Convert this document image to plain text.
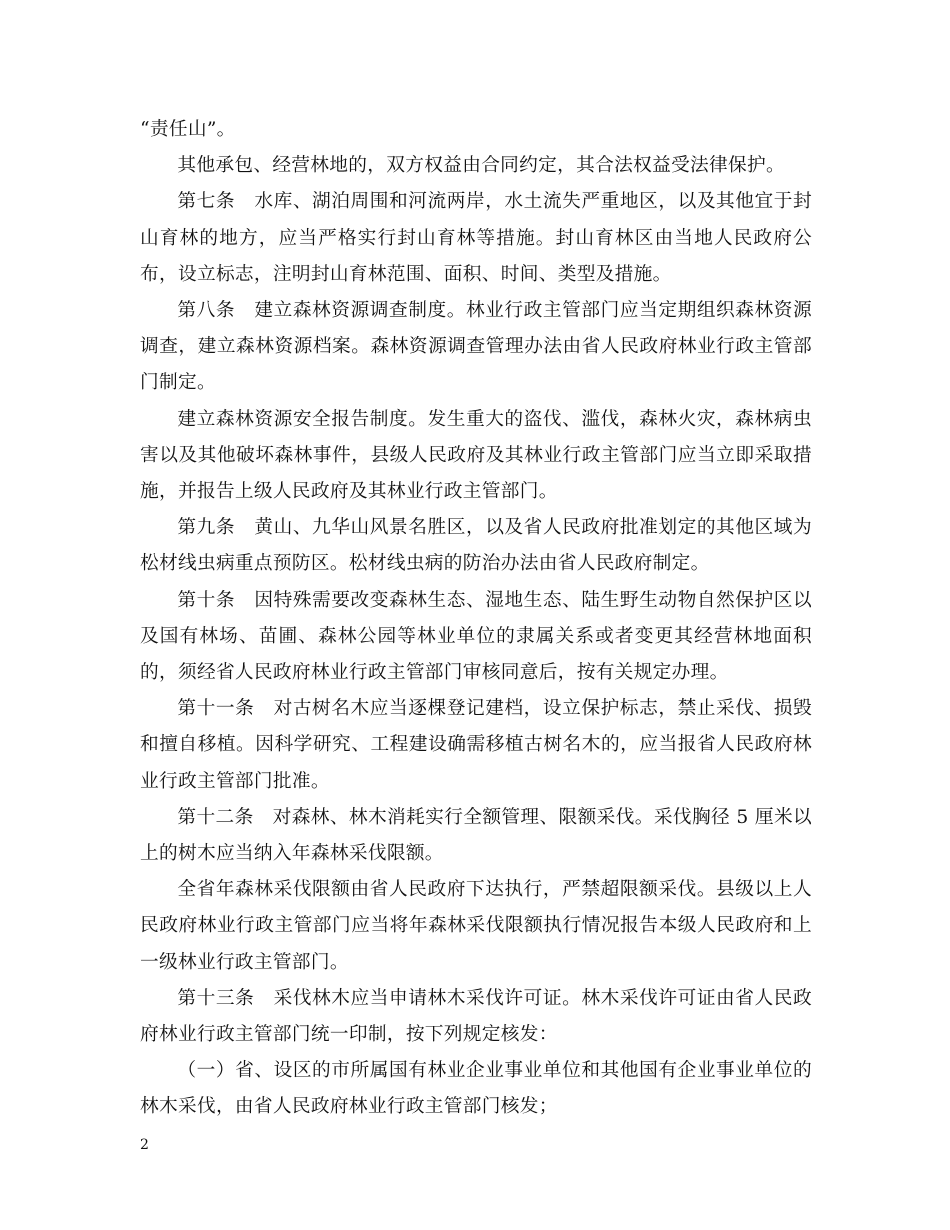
“责任山”。

其他承包、经营林地的，双方权益由合同约定，其合法权益受法律保护。

第七条　水库、湖泊周围和河流两岸，水土流失严重地区，以及其他宜于封山育林的地方，应当严格实行封山育林等措施。封山育林区由当地人民政府公布，设立标志，注明封山育林范围、面积、时间、类型及措施。

第八条　建立森林资源调查制度。林业行政主管部门应当定期组织森林资源调查，建立森林资源档案。森林资源调查管理办法由省人民政府林业行政主管部门制定。

建立森林资源安全报告制度。发生重大的盗伐、滥伐，森林火灾，森林病虫害以及其他破坏森林事件，县级人民政府及其林业行政主管部门应当立即采取措施，并报告上级人民政府及其林业行政主管部门。

第九条　黄山、九华山风景名胜区，以及省人民政府批准划定的其他区域为松材线虫病重点预防区。松材线虫病的防治办法由省人民政府制定。

第十条　因特殊需要改变森林生态、湿地生态、陆生野生动物自然保护区以及国有林场、苗圃、森林公园等林业单位的隶属关系或者变更其经营林地面积的，须经省人民政府林业行政主管部门审核同意后，按有关规定办理。

第十一条　对古树名木应当逐棵登记建档，设立保护标志，禁止采伐、损毁和擅自移植。因科学研究、工程建设确需移植古树名木的，应当报省人民政府林业行政主管部门批准。

第十二条　对森林、林木消耗实行全额管理、限额采伐。采伐胸径 5 厘米以上的树木应当纳入年森林采伐限额。

全省年森林采伐限额由省人民政府下达执行，严禁超限额采伐。县级以上人民政府林业行政主管部门应当将年森林采伐限额执行情况报告本级人民政府和上一级林业行政主管部门。

第十三条　采伐林木应当申请林木采伐许可证。林木采伐许可证由省人民政府林业行政主管部门统一印制，按下列规定核发：

（一）省、设区的市所属国有林业企业事业单位和其他国有企业事业单位的林木采伐，由省人民政府林业行政主管部门核发；

2
